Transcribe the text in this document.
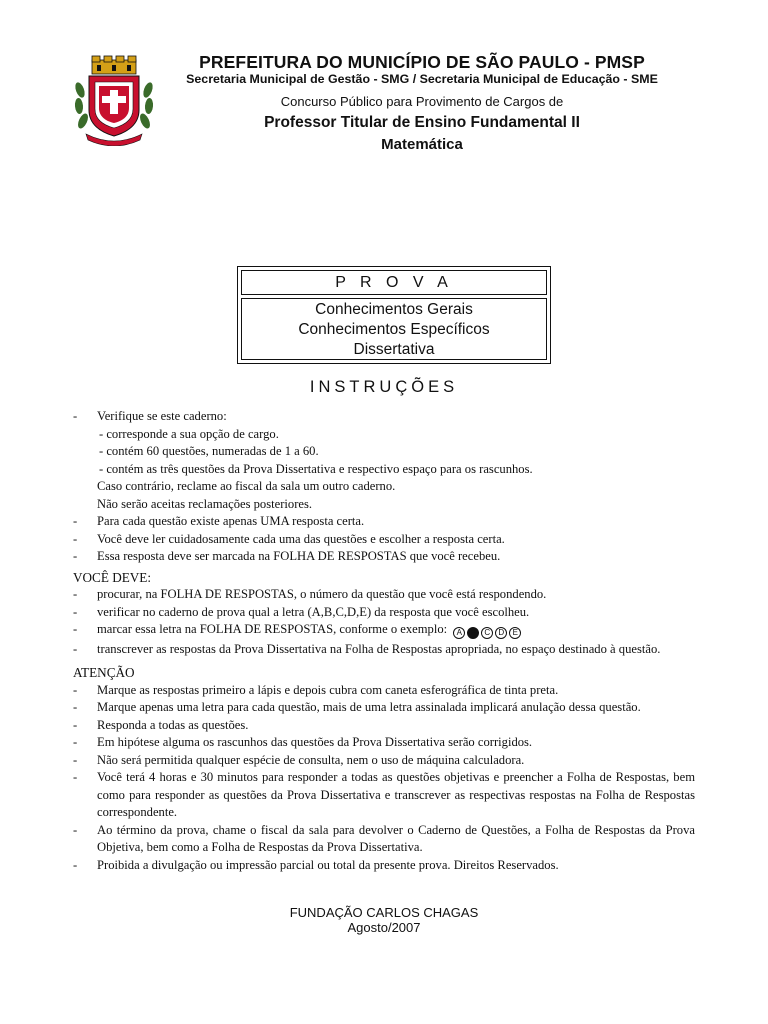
PREFEITURA DO MUNICÍPIO DE SÃO PAULO - PMSP
Secretaria Municipal de Gestão - SMG / Secretaria Municipal de Educação - SME
Concurso Público para Provimento de Cargos de
Professor Titular de Ensino Fundamental II
Matemática
P R O V A
Conhecimentos Gerais
Conhecimentos Específicos
Dissertativa
INSTRUÇÕES
- Verifique se este caderno:
- corresponde a sua opção de cargo.
- contém 60 questões, numeradas de 1 a 60.
- contém as três questões da Prova Dissertativa e respectivo espaço para os rascunhos.
Caso contrário, reclame ao fiscal da sala um outro caderno.
Não serão aceitas reclamações posteriores.
- Para cada questão existe apenas UMA resposta certa.
- Você deve ler cuidadosamente cada uma das questões e escolher a resposta certa.
- Essa resposta deve ser marcada na FOLHA DE RESPOSTAS que você recebeu.
VOCÊ DEVE:
- procurar, na FOLHA DE RESPOSTAS, o número da questão que você está respondendo.
- verificar no caderno de prova qual a letra (A,B,C,D,E) da resposta que você escolheu.
- marcar essa letra na FOLHA DE RESPOSTAS, conforme o exemplo: A B C D E
- transcrever as respostas da Prova Dissertativa na Folha de Respostas apropriada, no espaço destinado à questão.
ATENÇÃO
- Marque as respostas primeiro a lápis e depois cubra com caneta esferográfica de tinta preta.
- Marque apenas uma letra para cada questão, mais de uma letra assinalada implicará anulação dessa questão.
- Responda a todas as questões.
- Em hipótese alguma os rascunhos das questões da Prova Dissertativa serão corrigidos.
- Não será permitida qualquer espécie de consulta, nem o uso de máquina calculadora.
- Você terá 4 horas e 30 minutos para responder a todas as questões objetivas e preencher a Folha de Respostas, bem como para responder as questões da Prova Dissertativa e transcrever as respectivas respostas na Folha de Respostas correspondente.
- Ao término da prova, chame o fiscal da sala para devolver o Caderno de Questões, a Folha de Respostas da Prova Objetiva, bem como a Folha de Respostas da Prova Dissertativa.
- Proibida a divulgação ou impressão parcial ou total da presente prova. Direitos Reservados.
FUNDAÇÃO CARLOS CHAGAS
Agosto/2007
